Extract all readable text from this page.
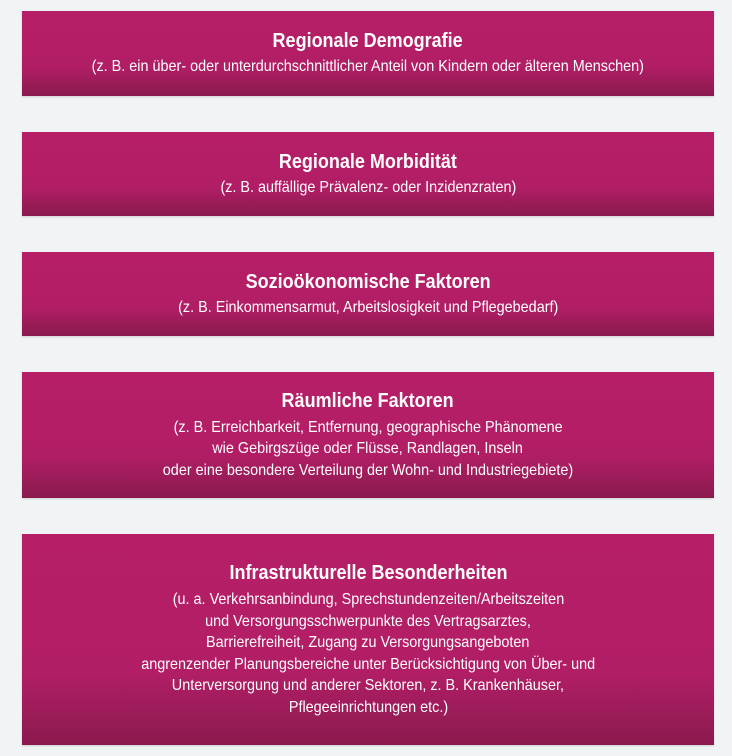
Regionale Demografie
(z. B. ein über- oder unterdurchschnittlicher Anteil von Kindern oder älteren Menschen)
Regionale Morbidität
(z. B. auffällige Prävalenz- oder Inzidenzraten)
Sozioökonomische Faktoren
(z. B. Einkommensarmut, Arbeitslosigkeit und Pflegebedarf)
Räumliche Faktoren
(z. B. Erreichbarkeit, Entfernung, geographische Phänomene
wie Gebirgszüge oder Flüsse, Randlagen, Inseln
oder eine besondere Verteilung der Wohn- und Industriegebiete)
Infrastrukturelle Besonderheiten
(u. a. Verkehrsanbindung, Sprechstundenzeiten/Arbeitszeiten
und Versorgungsschwerpunkte des Vertragsarztes,
Barrierefreiheit, Zugang zu Versorgungsangeboten
angrenzender Planungsbereiche unter Berücksichtigung von Über- und
Unterversorgung und anderer Sektoren, z. B. Krankenhäuser,
Pflegeeinrichtungen etc.)
